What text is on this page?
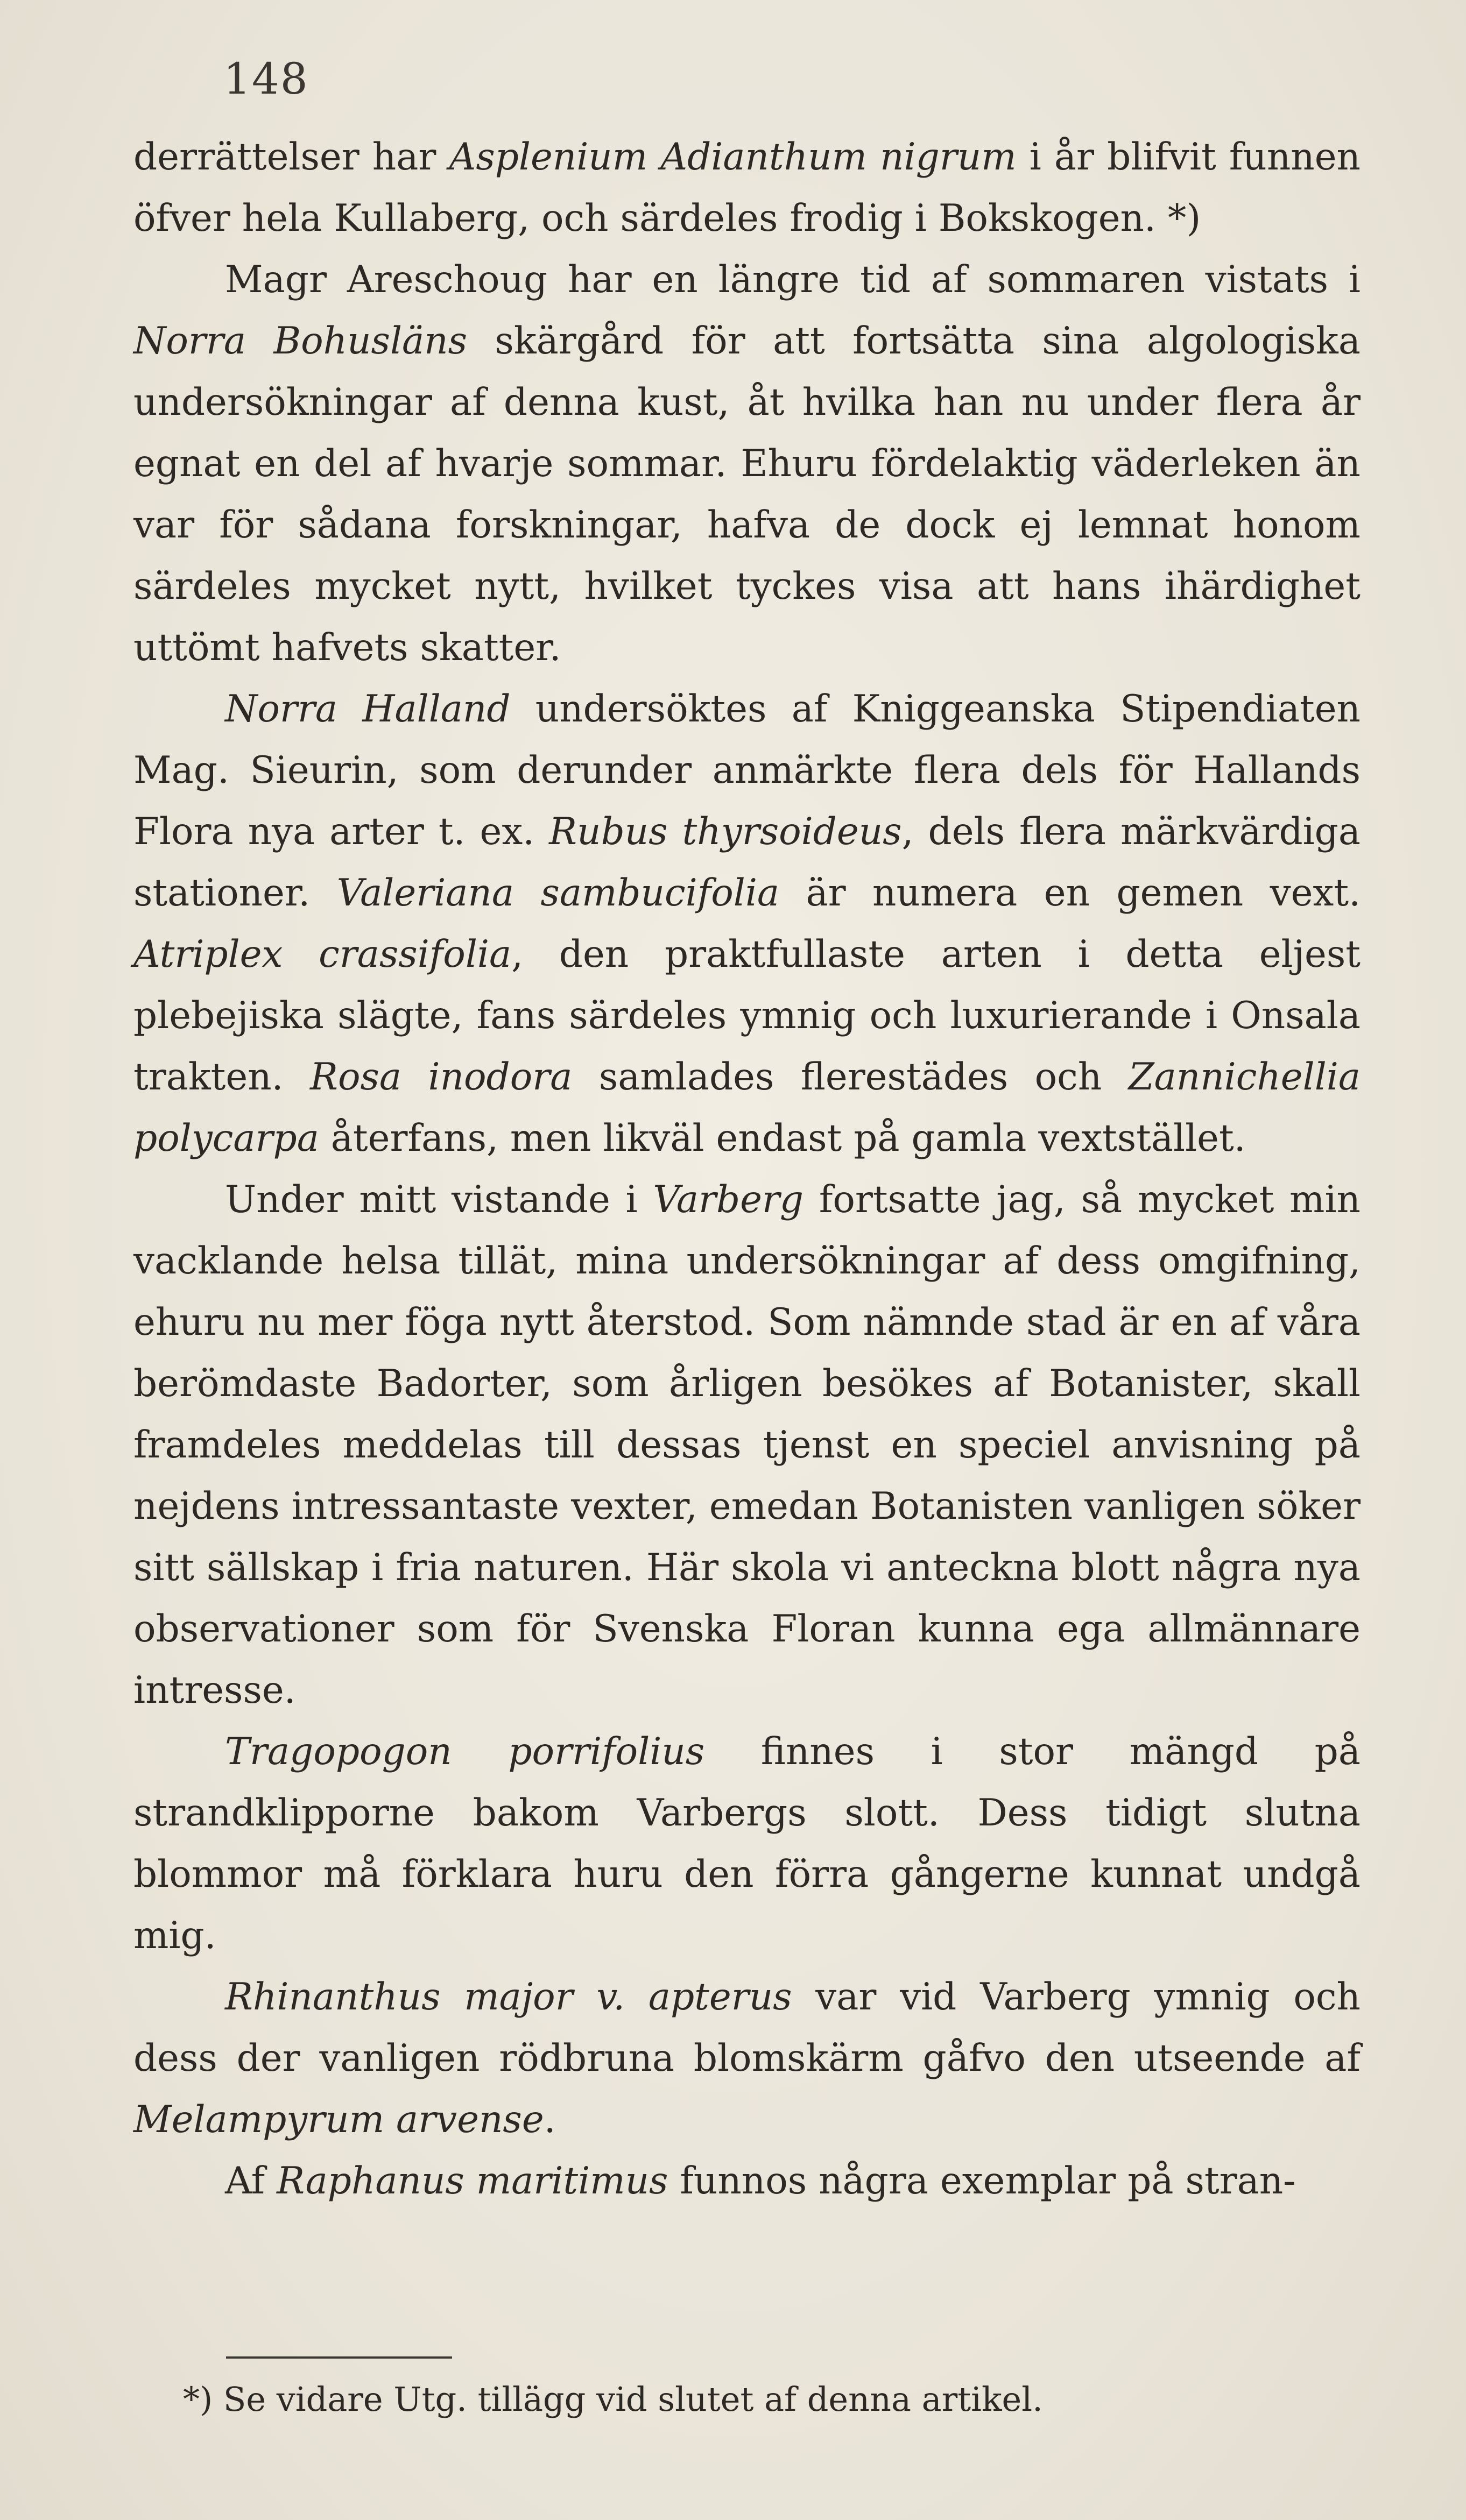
148

derrättelser har Asplenium Adianthum nigrum i år blifvit funnen öfver hela Kullaberg, och särdeles frodig i Bokskogen. *)

Magr Areschoug har en längre tid af sommaren vistats i Norra Bohusläns skärgård för att fortsätta sina algologiska undersökningar af denna kust, åt hvilka han nu under flera år egnat en del af hvarje sommar. Ehuru fördelaktig väderleken än var för sådana forskningar, hafva de dock ej lemnat honom särdeles mycket nytt, hvilket tyckes visa att hans ihärdighet uttömt hafvets skatter.

Norra Halland undersöktes af Kniggeanska Stipendiaten Mag. Sieurin, som derunder anmärkte flera dels för Hallands Flora nya arter t. ex. Rubus thyrsoideus, dels flera märkvärdiga stationer. Valeriana sambucifolia är numera en gemen vext. Atriplex crassifolia, den praktfullaste arten i detta eljest plebejiska slägte, fans särdeles ymnig och luxurierande i Onsala trakten. Rosa inodora samlades flerestädes och Zannichellia polycarpa återfans, men likväl endast på gamla vextstället.

Under mitt vistande i Varberg fortsatte jag, så mycket min vacklande helsa tillät, mina undersökningar af dess omgifning, ehuru nu mer föga nytt återstod. Som nämnde stad är en af våra berömdaste Badorter, som årligen besökes af Botanister, skall framdeles meddelas till dessas tjenst en speciel anvisning på nejdens intressantaste vexter, emedan Botanisten vanligen söker sitt sällskap i fria naturen. Här skola vi anteckna blott några nya observationer som för Svenska Floran kunna ega allmännare intresse.

Tragopogon porrifolius finnes i stor mängd på strandklipporne bakom Varbergs slott. Dess tidigt slutna blommor må förklara huru den förra gångerne kunnat undgå mig.

Rhinanthus major v. apterus var vid Varberg ymnig och dess der vanligen rödbruna blomskärm gåfvo den utseende af Melampyrum arvense.

Af Raphanus maritimus funnos några exemplar på stran-

*) Se vidare Utg. tillägg vid slutet af denna artikel.
